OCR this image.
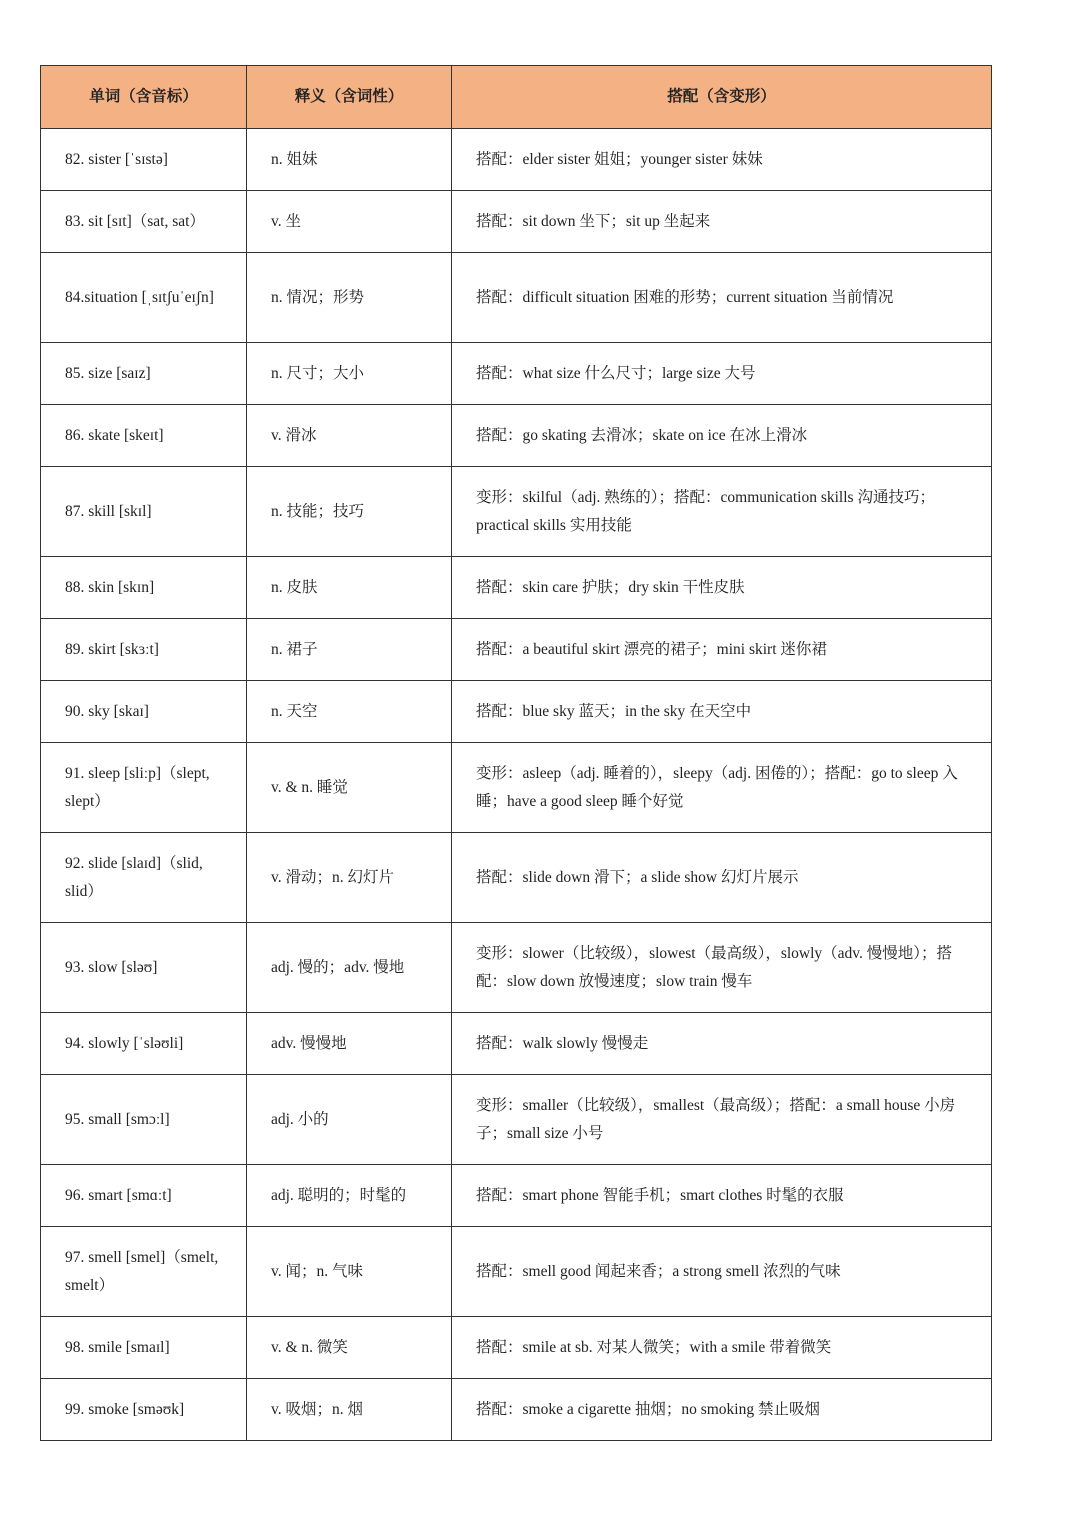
单词（含音标）	释义（含词性）	搭配（含变形）
82. sister [ˈsɪstə]	n. 姐妹	搭配：elder sister 姐姐；younger sister 妹妹
83. sit [sɪt]（sat, sat）	v. 坐	搭配：sit down 坐下；sit up 坐起来
84.situation [ˌsɪtʃuˈeɪʃn]	n. 情况；形势	搭配：difficult situation 困难的形势；current situation 当前情况
85. size [saɪz]	n. 尺寸；大小	搭配：what size 什么尺寸；large size 大号
86. skate [skeɪt]	v. 滑冰	搭配：go skating 去滑冰；skate on ice 在冰上滑冰
87. skill [skɪl]	n. 技能；技巧	变形：skilful（adj. 熟练的）；搭配：communication skills 沟通技巧；practical skills 实用技能
88. skin [skɪn]	n. 皮肤	搭配：skin care 护肤；dry skin 干性皮肤
89. skirt [skɜːt]	n. 裙子	搭配：a beautiful skirt 漂亮的裙子；mini skirt 迷你裙
90. sky [skaɪ]	n. 天空	搭配：blue sky 蓝天；in the sky 在天空中
91. sleep [sliːp]（slept, slept）	v. & n. 睡觉	变形：asleep（adj. 睡着的），sleepy（adj. 困倦的）；搭配：go to sleep 入睡；have a good sleep 睡个好觉
92. slide [slaɪd]（slid, slid）	v. 滑动；n. 幻灯片	搭配：slide down 滑下；a slide show 幻灯片展示
93. slow [sləʊ]	adj. 慢的；adv. 慢地	变形：slower（比较级），slowest（最高级），slowly（adv. 慢慢地）；搭配：slow down 放慢速度；slow train 慢车
94. slowly [ˈsləʊli]	adv. 慢慢地	搭配：walk slowly 慢慢走
95. small [smɔːl]	adj. 小的	变形：smaller（比较级），smallest（最高级）；搭配：a small house 小房子；small size 小号
96. smart [smɑːt]	adj. 聪明的；时髦的	搭配：smart phone 智能手机；smart clothes 时髦的衣服
97. smell [smel]（smelt, smelt）	v. 闻；n. 气味	搭配：smell good 闻起来香；a strong smell 浓烈的气味
98. smile [smaɪl]	v. & n. 微笑	搭配：smile at sb. 对某人微笑；with a smile 带着微笑
99. smoke [sməʊk]	v. 吸烟；n. 烟	搭配：smoke a cigarette 抽烟；no smoking 禁止吸烟
